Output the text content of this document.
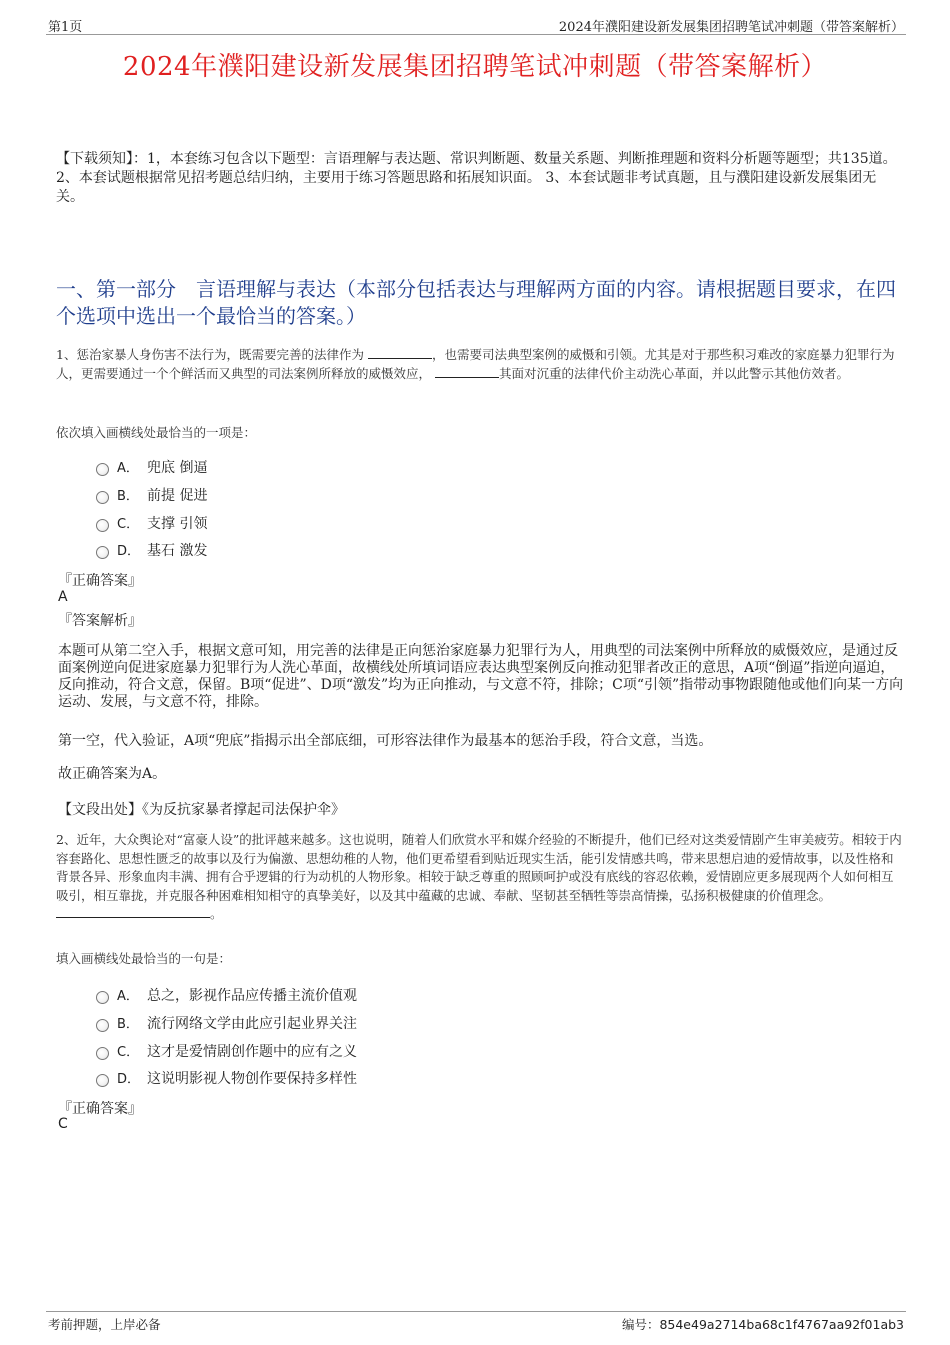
第1页	2024年濮阳建设新发展集团招聘笔试冲刺题（带答案解析）
2024年濮阳建设新发展集团招聘笔试冲刺题（带答案解析）
【下载须知】：1，本套练习包含以下题型：言语理解与表达题、常识判断题、数量关系题、判断推理题和资料分析题等题型；共135道。 2、本套试题根据常见招考题总结归纳，主要用于练习答题思路和拓展知识面。 3、本套试题非考试真题，且与濮阳建设新发展集团无关。
一、第一部分　言语理解与表达（本部分包括表达与理解两方面的内容。请根据题目要求，在四个选项中选出一个最恰当的答案。）
1、惩治家暴人身伤害不法行为，既需要完善的法律作为	，也需要司法典型案例的威慑和引领。尤其是对于那些积习难改的家庭暴力犯罪行为人，更需要通过一个个鲜活而又典型的司法案例所释放的威慑效应，	其面对沉重的法律代价主动洗心革面，并以此警示其他仿效者。
依次填入画横线处最恰当的一项是：
A． 兜底 倒逼
B． 前提 促进
C． 支撑 引领
D． 基石 激发
『正确答案』
A
『答案解析』
本题可从第二空入手，根据文意可知，用完善的法律是正向惩治家庭暴力犯罪行为人，用典型的司法案例中所释放的威慑效应，是通过反面案例逆向促进家庭暴力犯罪行为人洗心革面，故横线处所填词语应表达典型案例反向推动犯罪者改正的意思，A项“倒逼”指逆向逼迫，反向推动，符合文意，保留。B项“促进”、D项“激发”均为正向推动，与文意不符，排除；C项“引领”指带动事物跟随他或他们向某一方向运动、发展，与文意不符，排除。
第一空，代入验证，A项“兜底”指揭示出全部底细，可形容法律作为最基本的惩治手段，符合文意，当选。
故正确答案为A。
【文段出处】《为反抗家暴者撑起司法保护伞》
2、近年，大众舆论对“富豪人设”的批评越来越多。这也说明，随着人们欣赏水平和媒介经验的不断提升，他们已经对这类爱情剧产生审美疲劳。相较于内容套路化、思想性匮乏的故事以及行为偏激、思想幼稚的人物，他们更希望看到贴近现实生活，能引发情感共鸣，带来思想启迪的爱情故事，以及性格和背景各异、形象血肉丰满、拥有合乎逻辑的行为动机的人物形象。相较于缺乏尊重的照顾呵护或没有底线的容忍依赖，爱情剧应更多展现两个人如何相互吸引，相互靠拢，并克服各种困难相知相守的真挚美好，以及其中蕴藏的忠诚、奉献、坚韧甚至牺牲等崇高情操，弘扬积极健康的价值理念。 。
填入画横线处最恰当的一句是：
A． 总之，影视作品应传播主流价值观
B． 流行网络文学由此应引起业界关注
C． 这才是爱情剧创作题中的应有之义
D． 这说明影视人物创作要保持多样性
『正确答案』
C
考前押题，上岸必备	编号：854e49a2714ba68c1f4767aa92f01ab3
